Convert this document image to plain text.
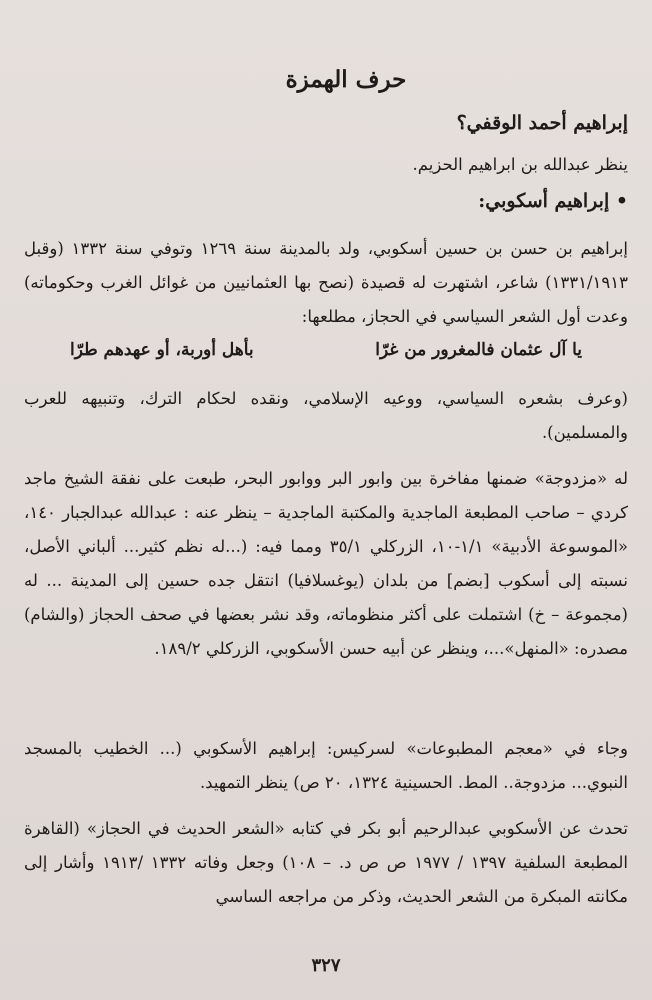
حرف الهمزة
إبراهيم أحمد الوقفي؟
ينظر عبدالله بن ابراهيم الحزيم.
• إبراهيم أسكوبي:
إبراهيم بن حسن بن حسين أسكوبي، ولد بالمدينة سنة ١٢٦٩ وتوفي سنة ١٣٣٢ (وقبل ١٣٣١/١٩١٣) شاعر، اشتهرت له قصيدة (نصح بها العثمانيين من غوائل الغرب وحكوماته) وعدت أول الشعر السياسي في الحجاز، مطلعها:
يا آل عثمان فالمغرور من غرّا
بأهل أوربة، أو عهدهم طرّا
(وعرف بشعره السياسي، ووعيه الإسلامي، ونقده لحكام الترك، وتنبيهه للعرب والمسلمين).
له «مزدوجة» ضمنها مفاخرة بين وابور البر ووابور البحر، طبعت على نفقة الشيخ ماجد كردي – صاحب المطبعة الماجدية والمكتبة الماجدية – ينظر عنه : عبدالله عبدالجبار ١٤٠، «الموسوعة الأدبية» ١/١-١٠، الزركلي ٣٥/١ ومما فيه: (...له نظم كثير... ألباني الأصل، نسبته إلى أسكوب [بضم] من بلدان (يوغسلافيا) انتقل جده حسين إلى المدينة ... له (مجموعة – خ) اشتملت على أكثر منظوماته، وقد نشر بعضها في صحف الحجاز (والشام) مصدره: «المنهل»...، وينظر عن أبيه حسن الأسكوبي، الزركلي ١٨٩/٢.
وجاء في «معجم المطبوعات» لسركيس: إبراهيم الأسكوبي (... الخطيب بالمسجد النبوي... مزدوجة.. المط. الحسينية ١٣٢٤، ٢٠ ص) ينظر التمهيد.
تحدث عن الأسكوبي عبدالرحيم أبو بكر في كتابه «الشعر الحديث في الحجاز» (القاهرة المطبعة السلفية ١٣٩٧ / ١٩٧٧ ص ص د. – ١٠٨) وجعل وفاته ١٣٣٢ /١٩١٣ وأشار إلى مكانته المبكرة من الشعر الحديث، وذكر من مراجعه الساسي
٣٢٧
